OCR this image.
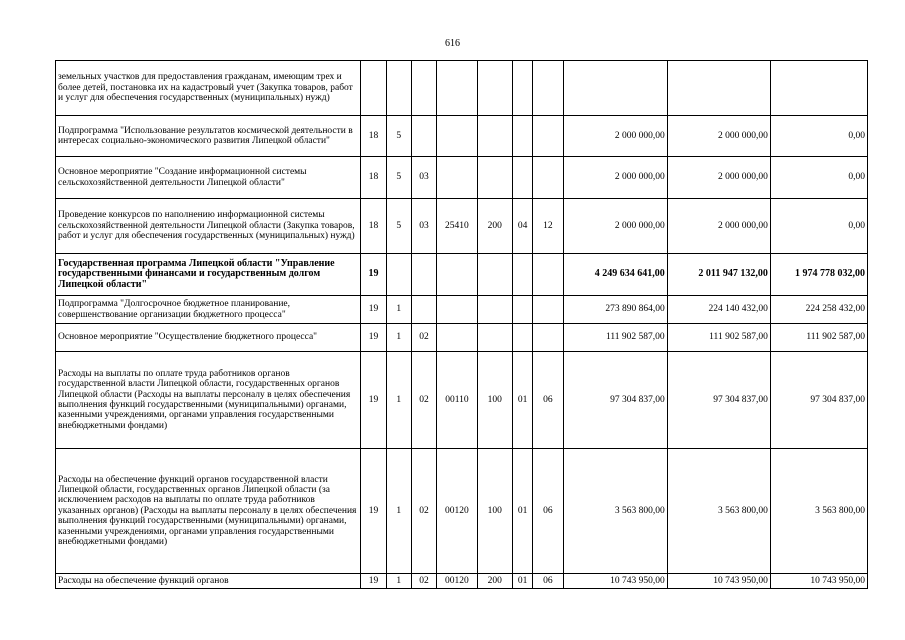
616
земельных участков для предоставления гражданам, имеющим трех и более детей, постановка их на кадастровый учет (Закупка товаров, работ и услуг для обеспечения государственных (муниципальных) нужд)										
Подпрограмма "Использование результатов космической деятельности в интересах социально-экономического развития Липецкой области"	18	5						2 000 000,00	2 000 000,00	0,00
Основное мероприятие "Создание информационной системы сельскохозяйственной деятельности Липецкой области"	18	5	03					2 000 000,00	2 000 000,00	0,00
Проведение конкурсов по наполнению информационной системы сельскохозяйственной деятельности Липецкой области (Закупка товаров, работ и услуг для обеспечения государственных (муниципальных) нужд)	18	5	03	25410	200	04	12	2 000 000,00	2 000 000,00	0,00
Государственная программа Липецкой области "Управление государственными финансами и государственным долгом Липецкой области"	19							4 249 634 641,00	2 011 947 132,00	1 974 778 032,00
Подпрограмма "Долгосрочное бюджетное планирование, совершенствование организации бюджетного процесса"	19	1						273 890 864,00	224 140 432,00	224 258 432,00
Основное мероприятие "Осуществление бюджетного процесса"	19	1	02					111 902 587,00	111 902 587,00	111 902 587,00
Расходы на выплаты по оплате труда работников органов государственной власти Липецкой области, государственных органов Липецкой области (Расходы на выплаты персоналу в целях обеспечения выполнения функций государственными (муниципальными) органами, казенными учреждениями, органами управления государственными внебюджетными фондами)	19	1	02	00110	100	01	06	97 304 837,00	97 304 837,00	97 304 837,00
Расходы на обеспечение функций органов государственной власти Липецкой области, государственных органов Липецкой области (за исключением расходов на выплаты по оплате труда работников указанных органов) (Расходы на выплаты персоналу в целях обеспечения выполнения функций государственными (муниципальными) органами, казенными учреждениями, органами управления государственными внебюджетными фондами)	19	1	02	00120	100	01	06	3 563 800,00	3 563 800,00	3 563 800,00
Расходы на обеспечение функций органов	19	1	02	00120	200	01	06	10 743 950,00	10 743 950,00	10 743 950,00
